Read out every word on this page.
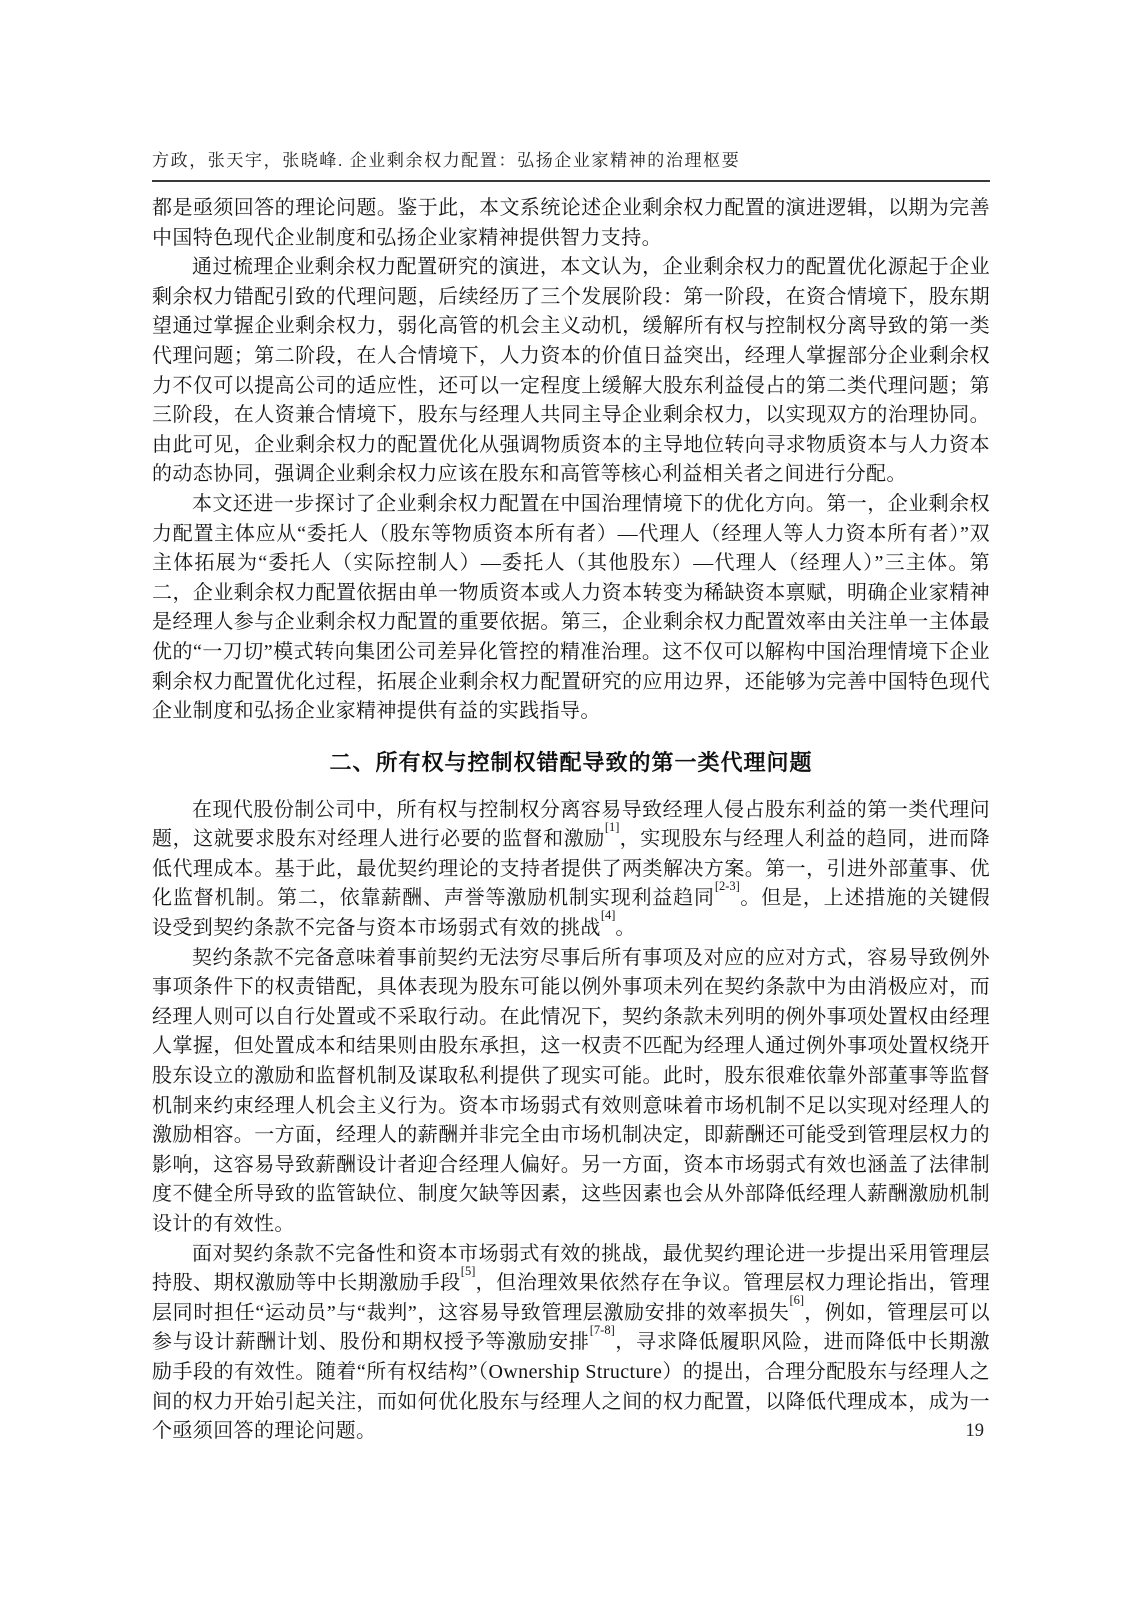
方政，张天宇，张晓峰. 企业剩余权力配置：弘扬企业家精神的治理枢要

都是亟须回答的理论问题。鉴于此，本文系统论述企业剩余权力配置的演进逻辑，以期为完善中国特色现代企业制度和弘扬企业家精神提供智力支持。

通过梳理企业剩余权力配置研究的演进，本文认为，企业剩余权力的配置优化源起于企业剩余权力错配引致的代理问题，后续经历了三个发展阶段：第一阶段，在资合情境下，股东期望通过掌握企业剩余权力，弱化高管的机会主义动机，缓解所有权与控制权分离导致的第一类代理问题；第二阶段，在人合情境下，人力资本的价值日益突出，经理人掌握部分企业剩余权力不仅可以提高公司的适应性，还可以一定程度上缓解大股东利益侵占的第二类代理问题；第三阶段，在人资兼合情境下，股东与经理人共同主导企业剩余权力，以实现双方的治理协同。由此可见，企业剩余权力的配置优化从强调物质资本的主导地位转向寻求物质资本与人力资本的动态协同，强调企业剩余权力应该在股东和高管等核心利益相关者之间进行分配。

本文还进一步探讨了企业剩余权力配置在中国治理情境下的优化方向。第一，企业剩余权力配置主体应从“委托人（股东等物质资本所有者）—代理人（经理人等人力资本所有者）”双主体拓展为“委托人（实际控制人）—委托人（其他股东）—代理人（经理人）”三主体。第二，企业剩余权力配置依据由单一物质资本或人力资本转变为稀缺资本禀赋，明确企业家精神是经理人参与企业剩余权力配置的重要依据。第三，企业剩余权力配置效率由关注单一主体最优的“一刀切”模式转向集团公司差异化管控的精准治理。这不仅可以解构中国治理情境下企业剩余权力配置优化过程，拓展企业剩余权力配置研究的应用边界，还能够为完善中国特色现代企业制度和弘扬企业家精神提供有益的实践指导。

二、所有权与控制权错配导致的第一类代理问题

在现代股份制公司中，所有权与控制权分离容易导致经理人侵占股东利益的第一类代理问题，这就要求股东对经理人进行必要的监督和激励[1]，实现股东与经理人利益的趋同，进而降低代理成本。基于此，最优契约理论的支持者提供了两类解决方案。第一，引进外部董事、优化监督机制。第二，依靠薪酬、声誉等激励机制实现利益趋同[2-3]。但是，上述措施的关键假设受到契约条款不完备与资本市场弱式有效的挑战[4]。

契约条款不完备意味着事前契约无法穷尽事后所有事项及对应的应对方式，容易导致例外事项条件下的权责错配，具体表现为股东可能以例外事项未列在契约条款中为由消极应对，而经理人则可以自行处置或不采取行动。在此情况下，契约条款未列明的例外事项处置权由经理人掌握，但处置成本和结果则由股东承担，这一权责不匹配为经理人通过例外事项处置权绕开股东设立的激励和监督机制及谋取私利提供了现实可能。此时，股东很难依靠外部董事等监督机制来约束经理人机会主义行为。资本市场弱式有效则意味着市场机制不足以实现对经理人的激励相容。一方面，经理人的薪酬并非完全由市场机制决定，即薪酬还可能受到管理层权力的影响，这容易导致薪酬设计者迎合经理人偏好。另一方面，资本市场弱式有效也涵盖了法律制度不健全所导致的监管缺位、制度欠缺等因素，这些因素也会从外部降低经理人薪酬激励机制设计的有效性。

面对契约条款不完备性和资本市场弱式有效的挑战，最优契约理论进一步提出采用管理层持股、期权激励等中长期激励手段[5]，但治理效果依然存在争议。管理层权力理论指出，管理层同时担任“运动员”与“裁判”，这容易导致管理层激励安排的效率损失[6]，例如，管理层可以参与设计薪酬计划、股份和期权授予等激励安排[7-8]，寻求降低履职风险，进而降低中长期激励手段的有效性。随着“所有权结构”（Ownership Structure）的提出，合理分配股东与经理人之间的权力开始引起关注，而如何优化股东与经理人之间的权力配置，以降低代理成本，成为一个亟须回答的理论问题。	19
